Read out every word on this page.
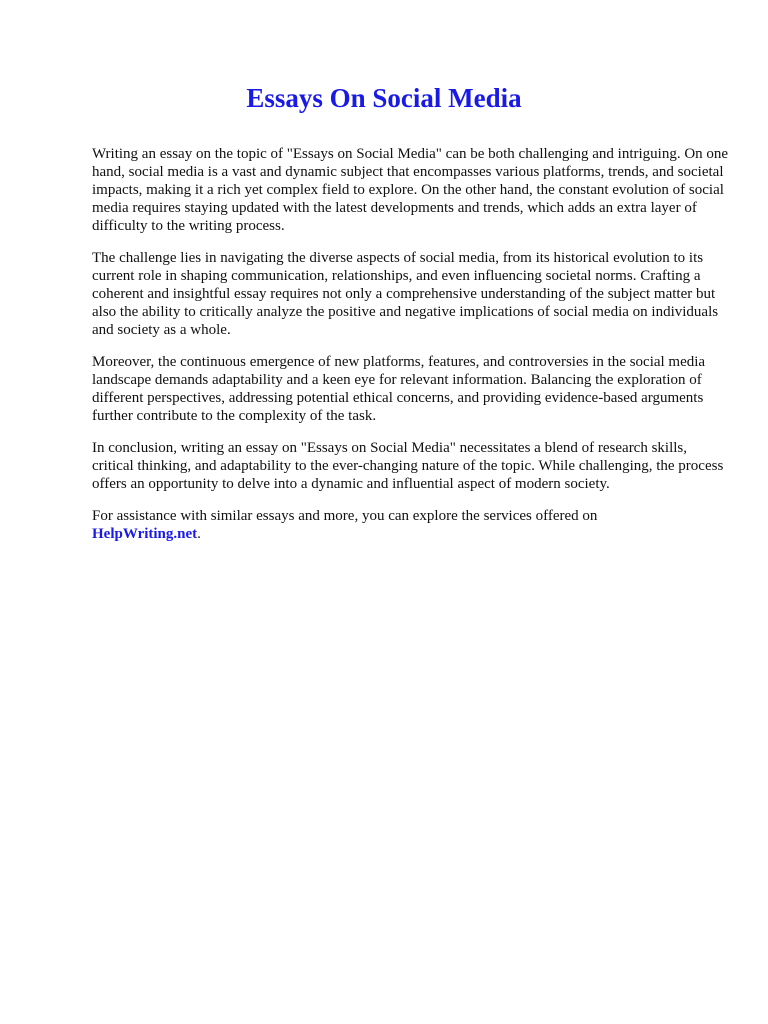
Essays On Social Media

Writing an essay on the topic of "Essays on Social Media" can be both challenging and intriguing. On one hand, social media is a vast and dynamic subject that encompasses various platforms, trends, and societal impacts, making it a rich yet complex field to explore. On the other hand, the constant evolution of social media requires staying updated with the latest developments and trends, which adds an extra layer of difficulty to the writing process.

The challenge lies in navigating the diverse aspects of social media, from its historical evolution to its current role in shaping communication, relationships, and even influencing societal norms. Crafting a coherent and insightful essay requires not only a comprehensive understanding of the subject matter but also the ability to critically analyze the positive and negative implications of social media on individuals and society as a whole.

Moreover, the continuous emergence of new platforms, features, and controversies in the social media landscape demands adaptability and a keen eye for relevant information. Balancing the exploration of different perspectives, addressing potential ethical concerns, and providing evidence-based arguments further contribute to the complexity of the task.

In conclusion, writing an essay on "Essays on Social Media" necessitates a blend of research skills, critical thinking, and adaptability to the ever-changing nature of the topic. While challenging, the process offers an opportunity to delve into a dynamic and influential aspect of modern society.

For assistance with similar essays and more, you can explore the services offered on
HelpWriting.net.
